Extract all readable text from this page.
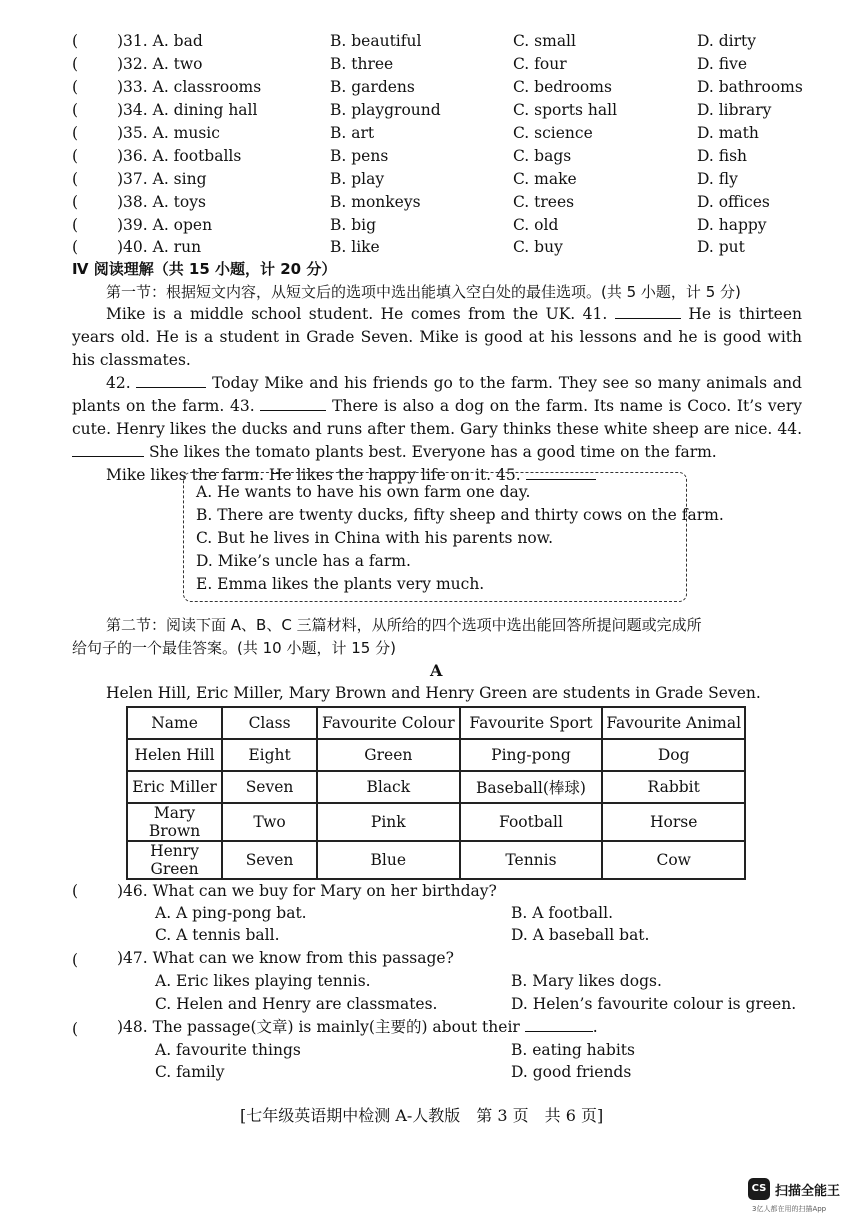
(	)31. A. bad	B. beautiful	C. small	D. dirty
(	)32. A. two	B. three	C. four	D. five
(	)33. A. classrooms	B. gardens	C. bedrooms	D. bathrooms
(	)34. A. dining hall	B. playground	C. sports hall	D. library
(	)35. A. music	B. art	C. science	D. math
(	)36. A. footballs	B. pens	C. bags	D. fish
(	)37. A. sing	B. play	C. make	D. fly
(	)38. A. toys	B. monkeys	C. trees	D. offices
(	)39. A. open	B. big	C. old	D. happy
(	)40. A. run	B. like	C. buy	D. put
Ⅳ 阅读理解（共 15 小题，计 20 分）
第一节：根据短文内容，从短文后的选项中选出能填入空白处的最佳选项。(共 5 小题，计 5 分)

Mike is a middle school student. He comes from the UK. 41.	He is thirteen years old. He is a student in Grade Seven. Mike is good at his lessons and he is good with his classmates.

42.	Today Mike and his friends go to the farm. They see so many animals and plants on the farm. 43.	There is also a dog on the farm. Its name is Coco. It’s very cute. Henry likes the ducks and runs after them. Gary thinks these white sheep are nice. 44.  She likes the tomato plants best. Everyone has a good time on the farm.

Mike likes the farm. He likes the happy life on it. 45.

A. He wants to have his own farm one day.
B. There are twenty ducks, fifty sheep and thirty cows on the farm.
C. But he lives in China with his parents now.
D. Mike’s uncle has a farm.
E. Emma likes the plants very much.
第二节：阅读下面 A、B、C 三篇材料，从所给的四个选项中选出能回答所提问题或完成所
给句子的一个最佳答案。(共 10 小题，计 15 分)
A
Helen Hill, Eric Miller, Mary Brown and Henry Green are students in Grade Seven.
Name	Class	Favourite Colour	Favourite Sport	Favourite Animal
Helen Hill	Eight	Green	Ping-pong	Dog
Eric Miller	Seven	Black	Baseball(棒球)	Rabbit
Mary Brown	Two	Pink	Football	Horse
Henry Green	Seven	Blue	Tennis	Cow
(	)46. What can we buy for Mary on her birthday?
A. A ping-pong bat.	B. A football.
C. A tennis ball.	D. A baseball bat.
(	)47. What can we know from this passage?
A. Eric likes playing tennis.	B. Mary likes dogs.
C. Helen and Henry are classmates.	D. Helen’s favourite colour is green.
(	)48. The passage(文章) is mainly(主要的) about their	.
A. favourite things	B. eating habits
C. family	D. good friends
[七年级英语期中检测 A-人教版　第 3 页　共 6 页]
CS 扫描全能王
3亿人都在用的扫描App
